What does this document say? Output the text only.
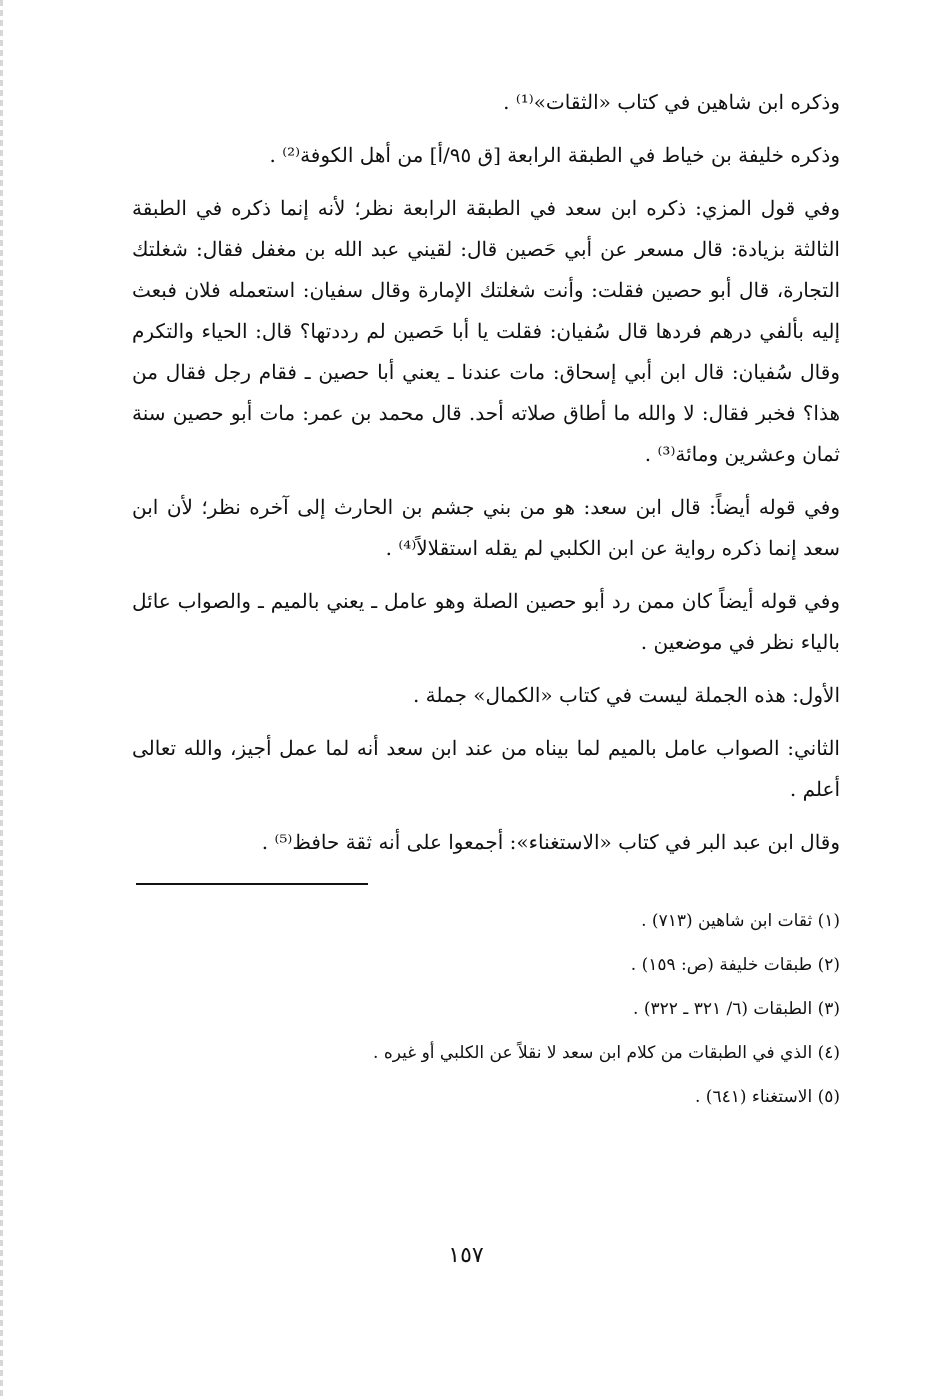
وذكره ابن شاهين في كتاب «الثقات»⁽¹⁾ .

وذكره خليفة بن خياط في الطبقة الرابعة [ق ٩٥/أ] من أهل الكوفة⁽²⁾ .

وفي قول المزي: ذكره ابن سعد في الطبقة الرابعة نظر؛ لأنه إنما ذكره في الطبقة الثالثة بزيادة: قال مسعر عن أبي حَصين قال: لقيني عبد الله بن مغفل فقال: شغلتك التجارة، قال أبو حصين فقلت: وأنت شغلتك الإمارة وقال سفيان: استعمله فلان فبعث إليه بألفي درهم فردها قال سُفيان: فقلت يا أبا حَصين لم رددتها؟ قال: الحياء والتكرم وقال سُفيان: قال ابن أبي إسحاق: مات عندنا ـ يعني أبا حصين ـ فقام رجل فقال من هذا؟ فخبر فقال: لا والله ما أطاق صلاته أحد. قال محمد بن عمر: مات أبو حصين سنة ثمان وعشرين ومائة⁽³⁾ .

وفي قوله أيضاً: قال ابن سعد: هو من بني جشم بن الحارث إلى آخره نظر؛ لأن ابن سعد إنما ذكره رواية عن ابن الكلبي لم يقله استقلالاً⁽⁴⁾ .

وفي قوله أيضاً كان ممن رد أبو حصين الصلة وهو عامل ـ يعني بالميم ـ والصواب عائل بالياء نظر في موضعين .

الأول: هذه الجملة ليست في كتاب «الكمال» جملة .

الثاني: الصواب عامل بالميم لما بيناه من عند ابن سعد أنه لما عمل أجيز، والله تعالى أعلم .

وقال ابن عبد البر في كتاب «الاستغناء»: أجمعوا على أنه ثقة حافظ⁽⁵⁾ .

(١) ثقات ابن شاهين (٧١٣) .

(٢) طبقات خليفة (ص: ١٥٩) .

(٣) الطبقات (٦/ ٣٢١ ـ ٣٢٢) .

(٤) الذي في الطبقات من كلام ابن سعد لا نقلاً عن الكلبي أو غيره .

(٥) الاستغناء (٦٤١) .

١٥٧
